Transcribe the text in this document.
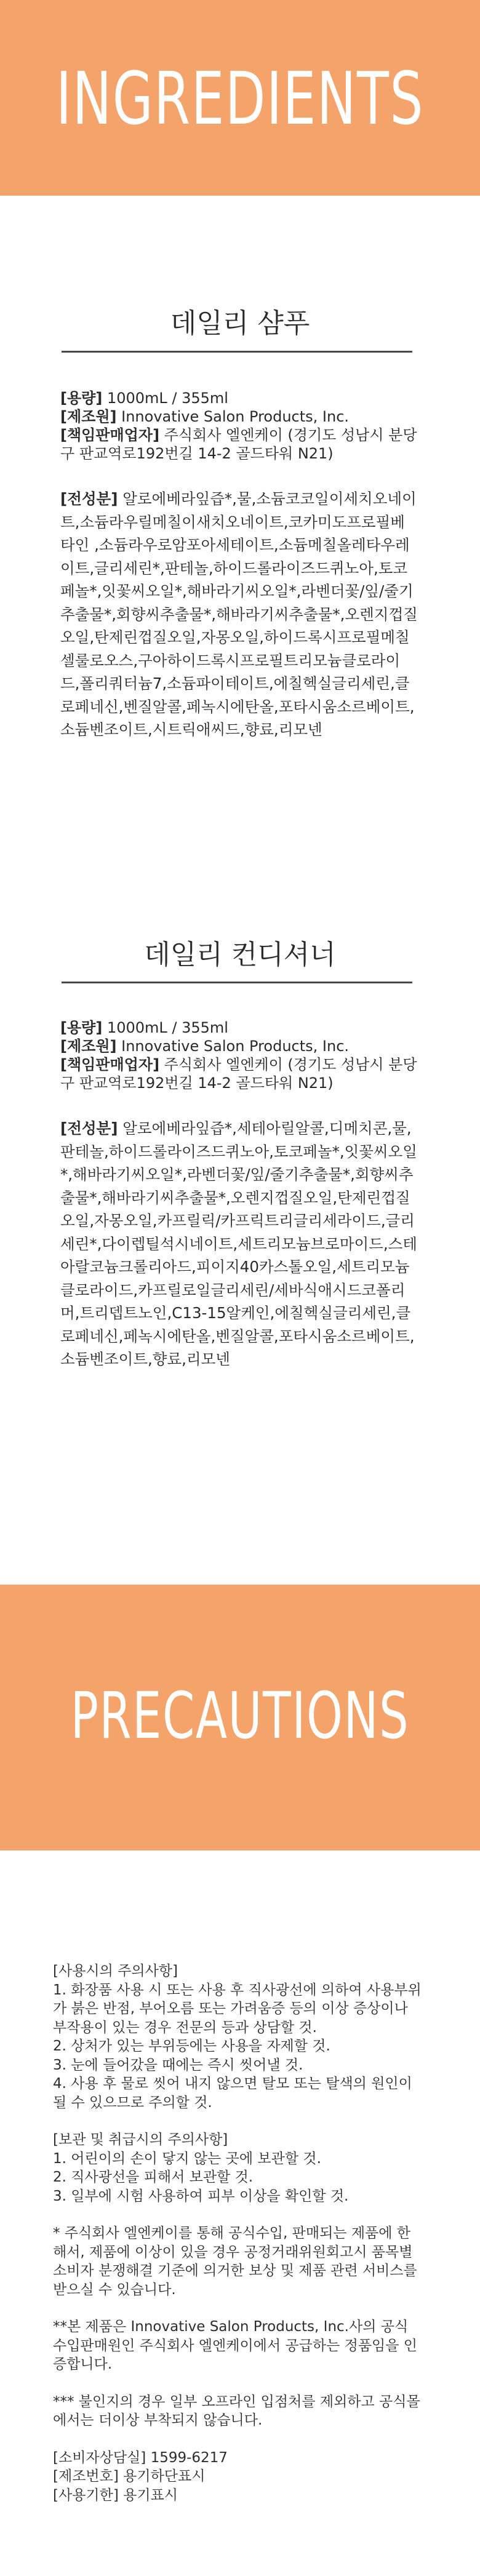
INGREDIENTS
데일리 샴푸

[용량] 1000mL / 355ml

[제조원] Innovative Salon Products, Inc.

[책임판매업자] 주식회사 엘엔케이 (경기도 성남시 분당구 판교역로192번길 14-2 골드타워 N21)

[전성분] 알로에베라잎즙*,물,소듐코코일이세치오네이트,소듐라우릴메칠이새치오네이트,코카미도프로필베타인 ,소듐라우로암포아세테이트,소듐메칠올레타우레이트,글리세린*,판테놀,하이드롤라이즈드퀴노아,토코페놀*,잇꽃씨오일*,해바라기씨오일*,라벤더꽃/잎/줄기추출물*,회향씨추출물*,해바라기씨추출물*,오렌지껍질오일,탄제린껍질오일,자몽오일,하이드록시프로필메칠셀룰로오스,구아하이드록시프로필트리모늄클로라이드,폴리쿼터늄7,소듐파이테이트,에칠헥실글리세린,클로페네신,벤질알콜,페녹시에탄올,포타시움소르베이트,소듐벤조이트,시트릭애씨드,향료,리모넨
데일리 컨디셔너

[용량] 1000mL / 355ml

[제조원] Innovative Salon Products, Inc.

[책임판매업자] 주식회사 엘엔케이 (경기도 성남시 분당구 판교역로192번길 14-2 골드타워 N21)

[전성분] 알로에베라잎즙*,세테아릴알콜,디메치콘,물,판테놀,하이드롤라이즈드퀴노아,토코페놀*,잇꽃씨오일*,해바라기씨오일*,라벤더꽃/잎/줄기추출물*,회향씨추출물*,해바라기씨추출물*,오렌지껍질오일,탄제린껍질오일,자몽오일,카프릴릭/카프릭트리글리세라이드,글리세린*,다이렙틸석시네이트,세트리모늄브로마이드,스테아랄코늄크롤리아드,피이지40카스톨오일,세트리모늄클로라이드,카프릴로일글리세린/세바식애시드코폴리머,트리뎁트노인,C13-15알케인,에칠헥실글리세린,클로페네신,페녹시에탄올,벤질알콜,포타시움소르베이트,소듐벤조이트,향료,리모넨
PRECAUTIONS

[사용시의 주의사항]

1. 화장품 사용 시 또는 사용 후 직사광선에 의하여 사용부위가 붉은 반점, 부어오름 또는 가려움증 등의 이상 증상이나 부작용이 있는 경우 전문의 등과 상담할 것.

2. 상처가 있는 부위등에는 사용을 자제할 것.

3. 눈에 들어갔을 때에는 즉시 씻어낼 것.

4. 사용 후 물로 씻어 내지 않으면 탈모 또는 탈색의 원인이 될 수 있으므로 주의할 것.

[보관 및 취급시의 주의사항]

1. 어린이의 손이 닿지 않는 곳에 보관할 것.

2. 직사광선을 피해서 보관할 것.

3. 일부에 시험 사용하여 피부 이상을 확인할 것.

* 주식회사 엘엔케이를 통해 공식수입, 판매되는 제품에 한해서, 제품에 이상이 있을 경우 공정거래위원회고시 품목별 소비자 분쟁해결 기준에 의거한 보상 및 제품 관련 서비스를 받으실 수 있습니다.

**본 제품은 Innovative Salon Products, Inc.사의 공식 수입판매원인 주식회사 엘엔케이에서 공급하는 정품임을 인증합니다.

*** 불인지의 경우 일부 오프라인 입점처를 제외하고 공식몰에서는 더이상 부착되지 않습니다.

[소비자상담실] 1599-6217

[제조번호] 용기하단표시

[사용기한] 용기표시
